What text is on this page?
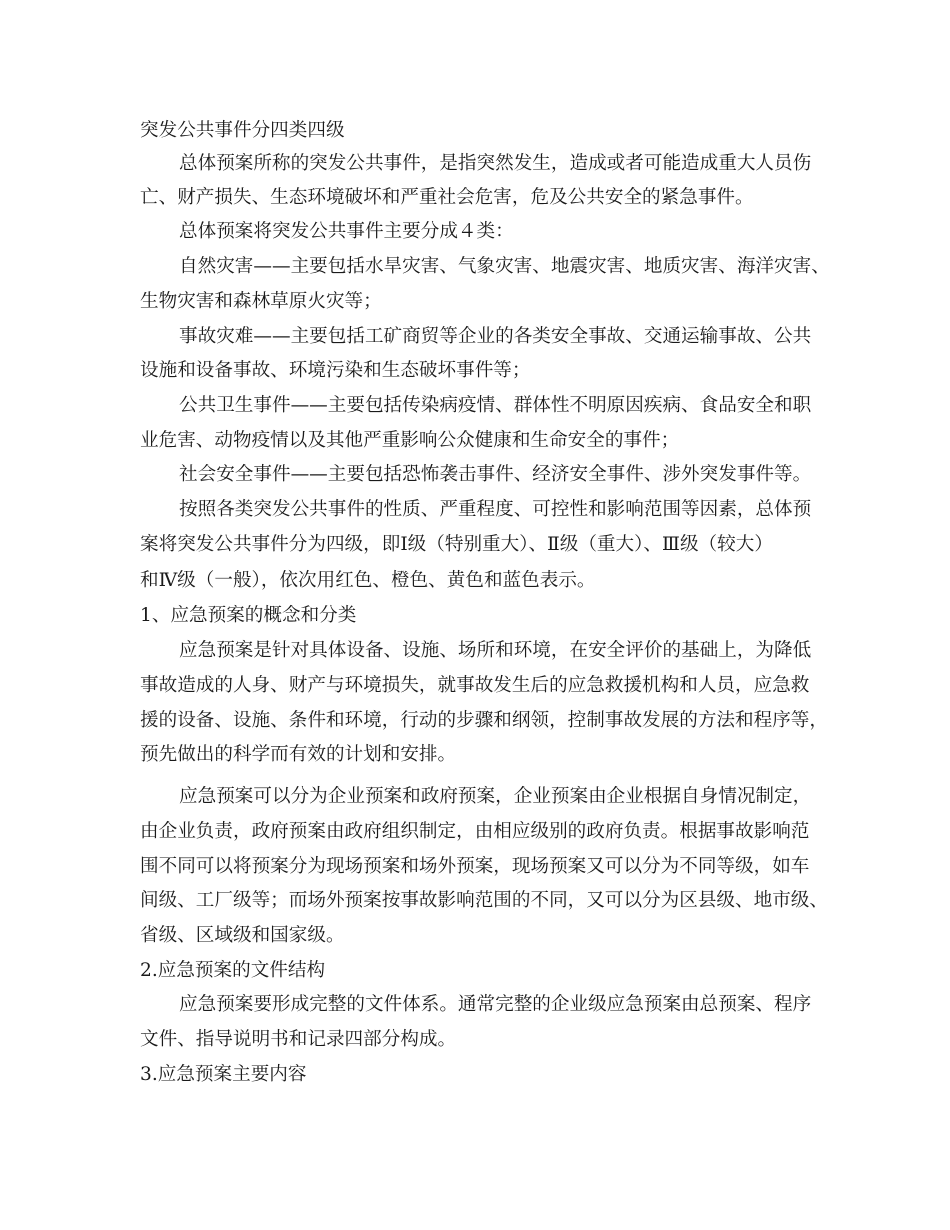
突发公共事件分四类四级
总体预案所称的突发公共事件，是指突然发生，造成或者可能造成重大人员伤
亡、财产损失、生态环境破坏和严重社会危害，危及公共安全的紧急事件。
总体预案将突发公共事件主要分成４类：
自然灾害——主要包括水旱灾害、气象灾害、地震灾害、地质灾害、海洋灾害、
生物灾害和森林草原火灾等；
事故灾难——主要包括工矿商贸等企业的各类安全事故、交通运输事故、公共
设施和设备事故、环境污染和生态破坏事件等；
公共卫生事件——主要包括传染病疫情、群体性不明原因疾病、食品安全和职
业危害、动物疫情以及其他严重影响公众健康和生命安全的事件；
社会安全事件——主要包括恐怖袭击事件、经济安全事件、涉外突发事件等。
按照各类突发公共事件的性质、严重程度、可控性和影响范围等因素，总体预
案将突发公共事件分为四级，即Ⅰ级（特别重大）、Ⅱ级（重大）、Ⅲ级（较大）
和Ⅳ级（一般），依次用红色、橙色、黄色和蓝色表示。
1、应急预案的概念和分类
应急预案是针对具体设备、设施、场所和环境，在安全评价的基础上，为降低
事故造成的人身、财产与环境损失，就事故发生后的应急救援机构和人员，应急救
援的设备、设施、条件和环境，行动的步骤和纲领，控制事故发展的方法和程序等，
预先做出的科学而有效的计划和安排。
应急预案可以分为企业预案和政府预案，企业预案由企业根据自身情况制定，
由企业负责，政府预案由政府组织制定，由相应级别的政府负责。根据事故影响范
围不同可以将预案分为现场预案和场外预案，现场预案又可以分为不同等级，如车
间级、工厂级等；而场外预案按事故影响范围的不同，又可以分为区县级、地市级、
省级、区域级和国家级。
2.应急预案的文件结构
应急预案要形成完整的文件体系。通常完整的企业级应急预案由总预案、程序
文件、指导说明书和记录四部分构成。
3.应急预案主要内容
